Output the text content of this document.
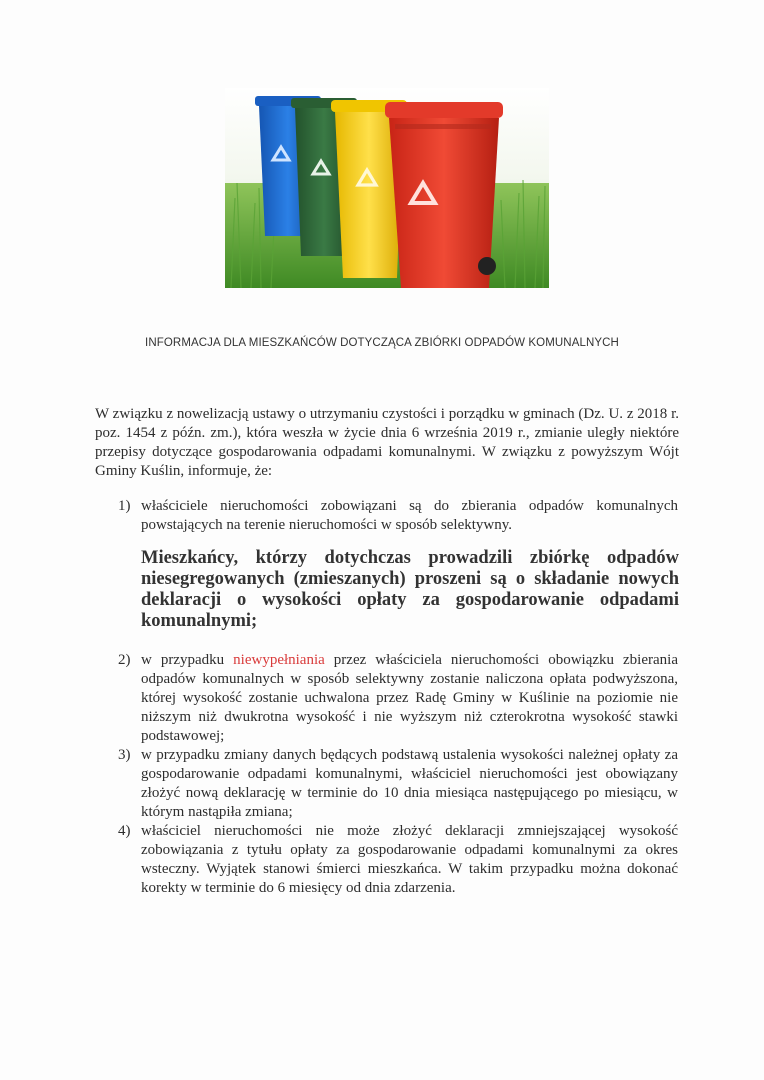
INFORMACJA DLA MIESZKAŃCÓW DOTYCZĄCA ZBIÓRKI ODPADÓW KOMUNALNYCH
W związku z nowelizacją ustawy o utrzymaniu czystości i porządku w gminach (Dz. U. z 2018 r. poz. 1454 z późn. zm.), która weszła w życie dnia 6 września 2019 r., zmianie uległy niektóre przepisy dotyczące gospodarowania odpadami komunalnymi. W związku z powyższym Wójt Gminy Kuślin, informuje, że:
1) właściciele nieruchomości zobowiązani są do zbierania odpadów komunalnych powstających na terenie nieruchomości w sposób selektywny.
Mieszkańcy, którzy dotychczas prowadzili zbiórkę odpadów niesegregowanych (zmieszanych) proszeni są o składanie nowych deklaracji o wysokości opłaty za gospodarowanie odpadami komunalnymi;
2) w przypadku niewypełniania przez właściciela nieruchomości obowiązku zbierania odpadów komunalnych w sposób selektywny zostanie naliczona opłata podwyższona, której wysokość zostanie uchwalona przez Radę Gminy w Kuślinie na poziomie nie niższym niż dwukrotna wysokość i nie wyższym niż czterokrotna wysokość stawki podstawowej;
3) w przypadku zmiany danych będących podstawą ustalenia wysokości należnej opłaty za gospodarowanie odpadami komunalnymi, właściciel nieruchomości jest obowiązany złożyć nową deklarację w terminie do 10 dnia miesiąca następującego po miesiącu, w którym nastąpiła zmiana;
4) właściciel nieruchomości nie może złożyć deklaracji zmniejszającej wysokość zobowiązania z tytułu opłaty za gospodarowanie odpadami komunalnymi za okres wsteczny. Wyjątek stanowi śmierci mieszkańca. W takim przypadku można dokonać korekty w terminie do 6 miesięcy od dnia zdarzenia.
